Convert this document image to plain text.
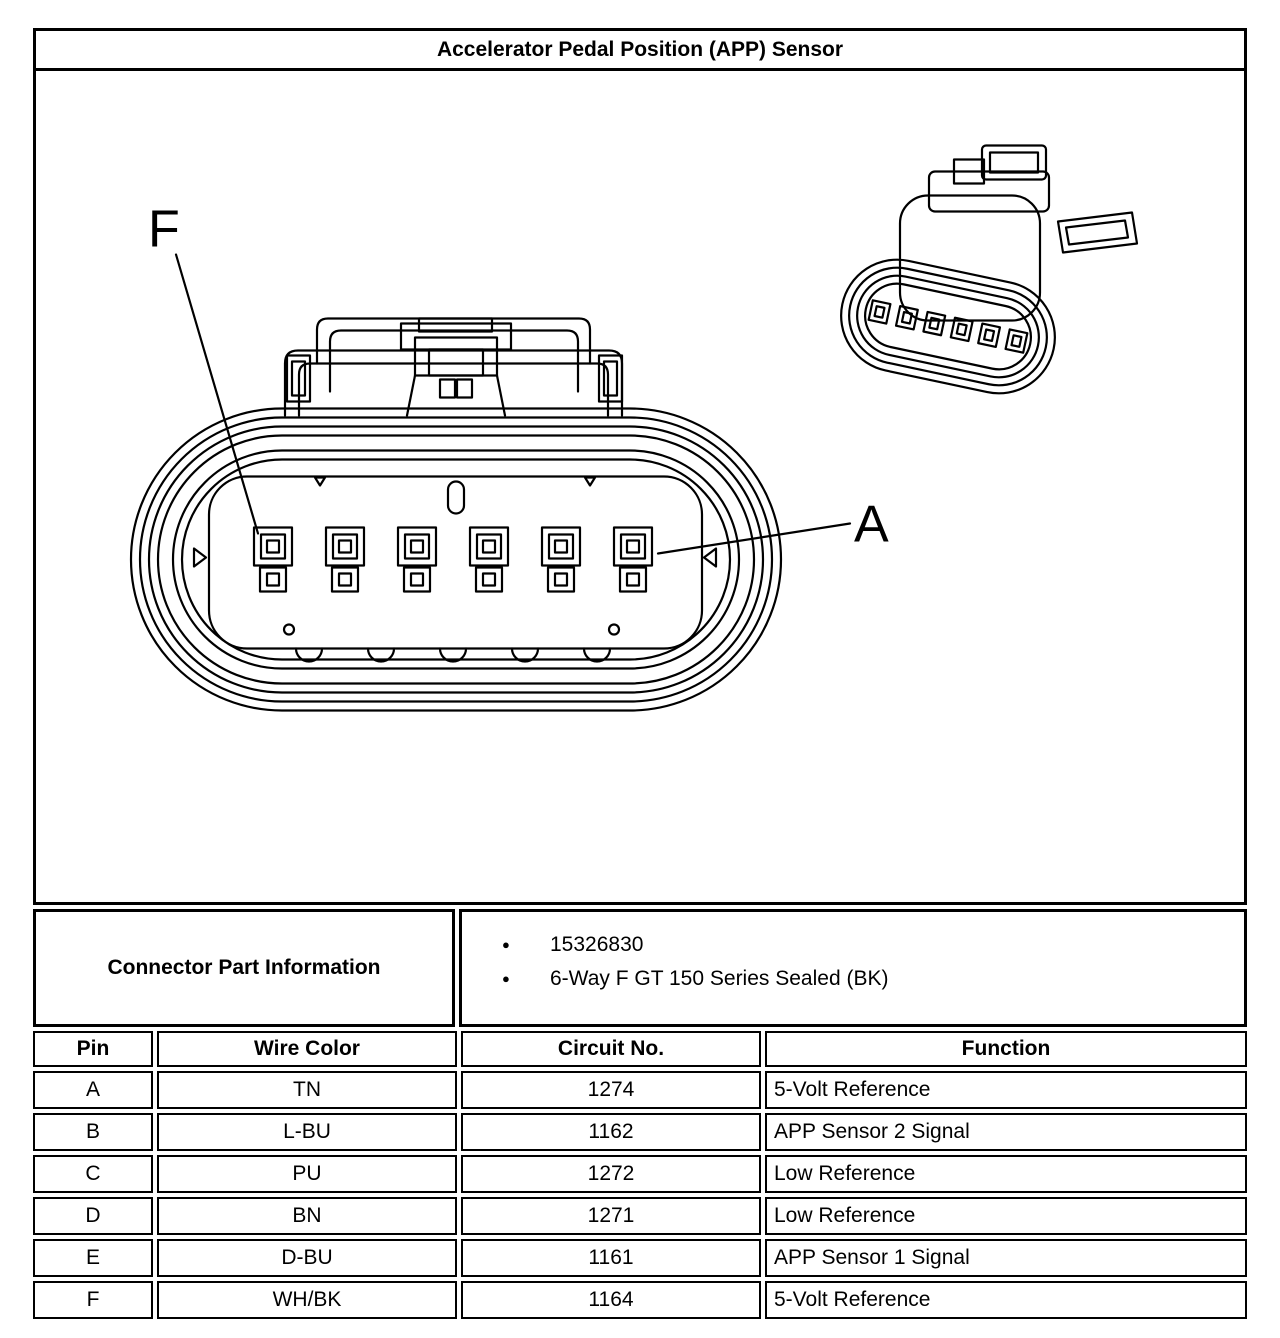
Accelerator Pedal Position (APP) Sensor
F
A
Connector Part Information
● 15326830
● 6-Way F GT 150 Series Sealed (BK)
Pin	Wire Color	Circuit No.	Function
A	TN	1274	5-Volt Reference
B	L-BU	1162	APP Sensor 2 Signal
C	PU	1272	Low Reference
D	BN	1271	Low Reference
E	D-BU	1161	APP Sensor 1 Signal
F	WH/BK	1164	5-Volt Reference
